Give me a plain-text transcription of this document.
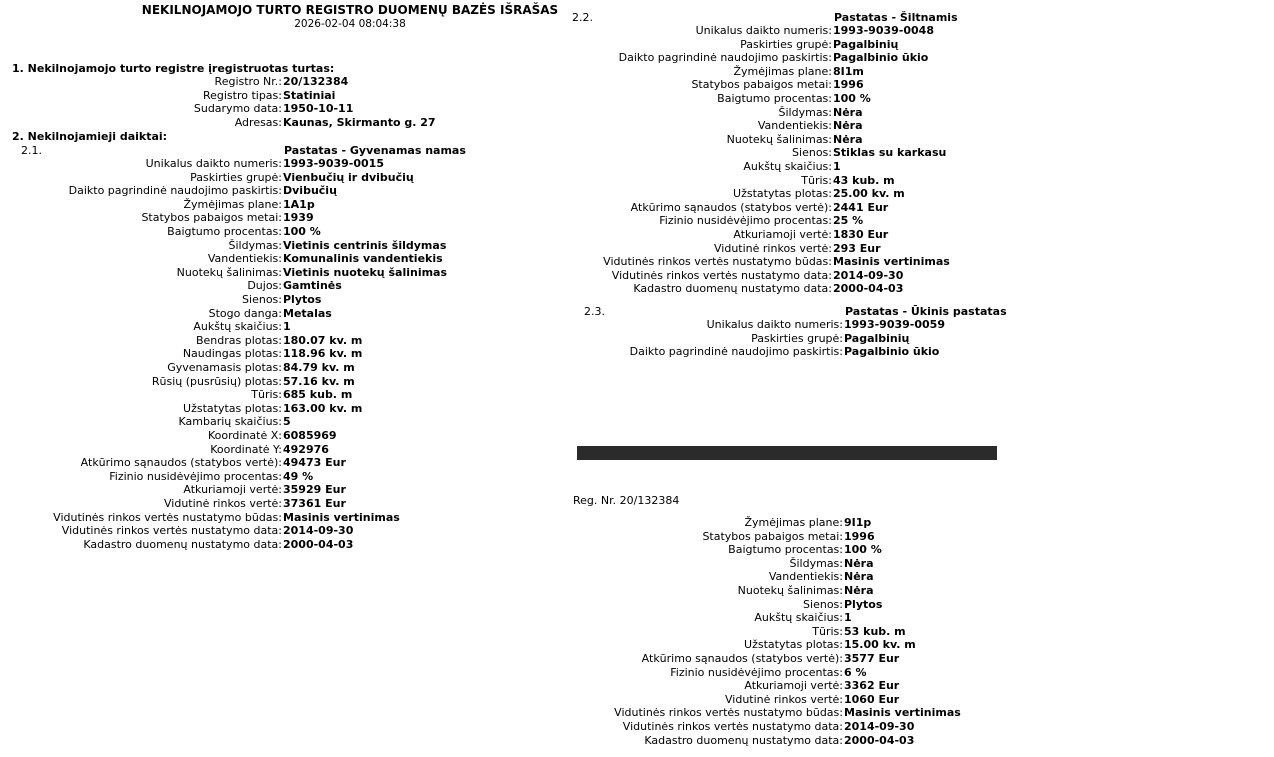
NEKILNOJAMOJO TURTO REGISTRO DUOMENŲ BAZĖS IŠRAŠAS
2026-02-04 08:04:38
1. Nekilnojamojo turto registre įregistruotas turtas:
Registro Nr.: 20/132384
Registro tipas: Statiniai
Sudarymo data: 1950-10-11
Adresas: Kaunas, Skirmanto g. 27
2. Nekilnojamieji daiktai:
2.1.	Pastatas - Gyvenamas namas
Unikalus daikto numeris: 1993-9039-0015
Paskirties grupė: Vienbučių ir dvibučių
Daikto pagrindinė naudojimo paskirtis: Dvibučių
Žymėjimas plane: 1A1p
Statybos pabaigos metai: 1939
Baigtumo procentas: 100 %
Šildymas: Vietinis centrinis šildymas
Vandentiekis: Komunalinis vandentiekis
Nuotekų šalinimas: Vietinis nuotekų šalinimas
Dujos: Gamtinės
Sienos: Plytos
Stogo danga: Metalas
Aukštų skaičius: 1
Bendras plotas: 180.07 kv. m
Naudingas plotas: 118.96 kv. m
Gyvenamasis plotas: 84.79 kv. m
Rūsių (pusrūsių) plotas: 57.16 kv. m
Tūris: 685 kub. m
Užstatytas plotas: 163.00 kv. m
Kambarių skaičius: 5
Koordinatė X: 6085969
Koordinatė Y: 492976
Atkūrimo sąnaudos (statybos vertė): 49473 Eur
Fizinio nusidėvėjimo procentas: 49 %
Atkuriamoji vertė: 35929 Eur
Vidutinė rinkos vertė: 37361 Eur
Vidutinės rinkos vertės nustatymo būdas: Masinis vertinimas
Vidutinės rinkos vertės nustatymo data: 2014-09-30
Kadastro duomenų nustatymo data: 2000-04-03
2.2.	Pastatas - Šiltnamis
Unikalus daikto numeris: 1993-9039-0048
Paskirties grupė: Pagalbinių
Daikto pagrindinė naudojimo paskirtis: Pagalbinio ūkio
Žymėjimas plane: 8I1m
Statybos pabaigos metai: 1996
Baigtumo procentas: 100 %
Šildymas: Nėra
Vandentiekis: Nėra
Nuotekų šalinimas: Nėra
Sienos: Stiklas su karkasu
Aukštų skaičius: 1
Tūris: 43 kub. m
Užstatytas plotas: 25.00 kv. m
Atkūrimo sąnaudos (statybos vertė): 2441 Eur
Fizinio nusidėvėjimo procentas: 25 %
Atkuriamoji vertė: 1830 Eur
Vidutinė rinkos vertė: 293 Eur
Vidutinės rinkos vertės nustatymo būdas: Masinis vertinimas
Vidutinės rinkos vertės nustatymo data: 2014-09-30
Kadastro duomenų nustatymo data: 2000-04-03
2.3.	Pastatas - Ūkinis pastatas
Unikalus daikto numeris: 1993-9039-0059
Paskirties grupė: Pagalbinių
Daikto pagrindinė naudojimo paskirtis: Pagalbinio ūkio
Reg. Nr. 20/132384
Žymėjimas plane: 9I1p
Statybos pabaigos metai: 1996
Baigtumo procentas: 100 %
Šildymas: Nėra
Vandentiekis: Nėra
Nuotekų šalinimas: Nėra
Sienos: Plytos
Aukštų skaičius: 1
Tūris: 53 kub. m
Užstatytas plotas: 15.00 kv. m
Atkūrimo sąnaudos (statybos vertė): 3577 Eur
Fizinio nusidėvėjimo procentas: 6 %
Atkuriamoji vertė: 3362 Eur
Vidutinė rinkos vertė: 1060 Eur
Vidutinės rinkos vertės nustatymo būdas: Masinis vertinimas
Vidutinės rinkos vertės nustatymo data: 2014-09-30
Kadastro duomenų nustatymo data: 2000-04-03
